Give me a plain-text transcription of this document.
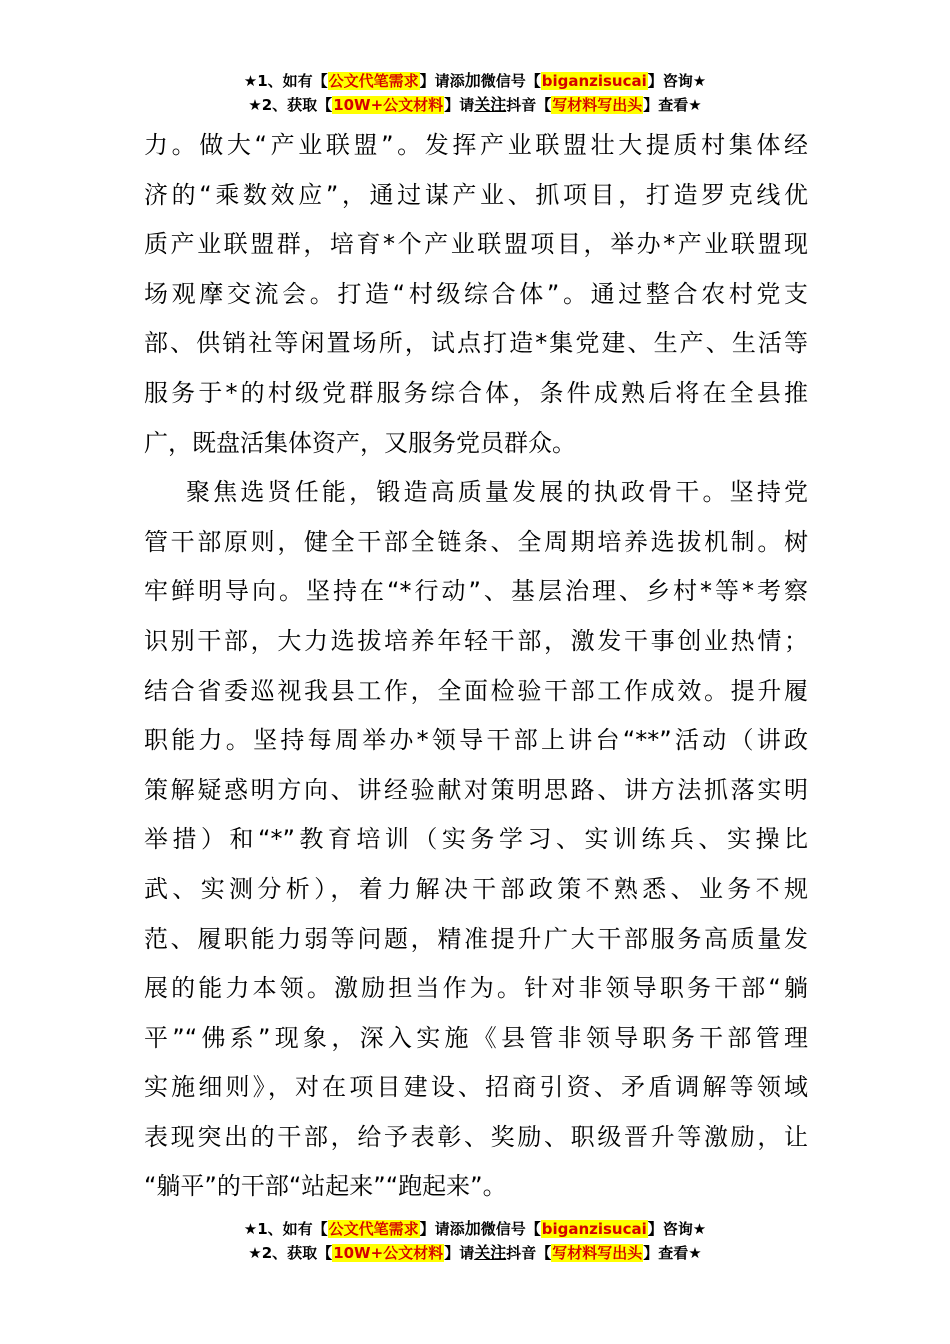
★1、如有【公文代笔需求】请添加微信号【biganzisucai】咨询★
★2、获取【10W+公文材料】请关注抖音【写材料写出头】查看★
力。做大“产业联盟”。发挥产业联盟壮大提质村集体经
济的“乘数效应”，通过谋产业、抓项目，打造罗克线优
质产业联盟群，培育*个产业联盟项目，举办*产业联盟现
场观摩交流会。打造“村级综合体”。通过整合农村党支
部、供销社等闲置场所，试点打造*集党建、生产、生活等
服务于*的村级党群服务综合体，条件成熟后将在全县推
广，既盘活集体资产，又服务党员群众。
聚焦选贤任能，锻造高质量发展的执政骨干。坚持党
管干部原则，健全干部全链条、全周期培养选拔机制。树
牢鲜明导向。坚持在“*行动”、基层治理、乡村*等*考察
识别干部，大力选拔培养年轻干部，激发干事创业热情；
结合省委巡视我县工作，全面检验干部工作成效。提升履
职能力。坚持每周举办*领导干部上讲台“**”活动（讲政
策解疑惑明方向、讲经验献对策明思路、讲方法抓落实明
举措）和“*”教育培训（实务学习、实训练兵、实操比
武、实测分析），着力解决干部政策不熟悉、业务不规
范、履职能力弱等问题，精准提升广大干部服务高质量发
展的能力本领。激励担当作为。针对非领导职务干部“躺
平”“佛系”现象，深入实施《县管非领导职务干部管理
实施细则》，对在项目建设、招商引资、矛盾调解等领域
表现突出的干部，给予表彰、奖励、职级晋升等激励，让
“躺平”的干部“站起来”“跑起来”。
★1、如有【公文代笔需求】请添加微信号【biganzisucai】咨询★
★2、获取【10W+公文材料】请关注抖音【写材料写出头】查看★
